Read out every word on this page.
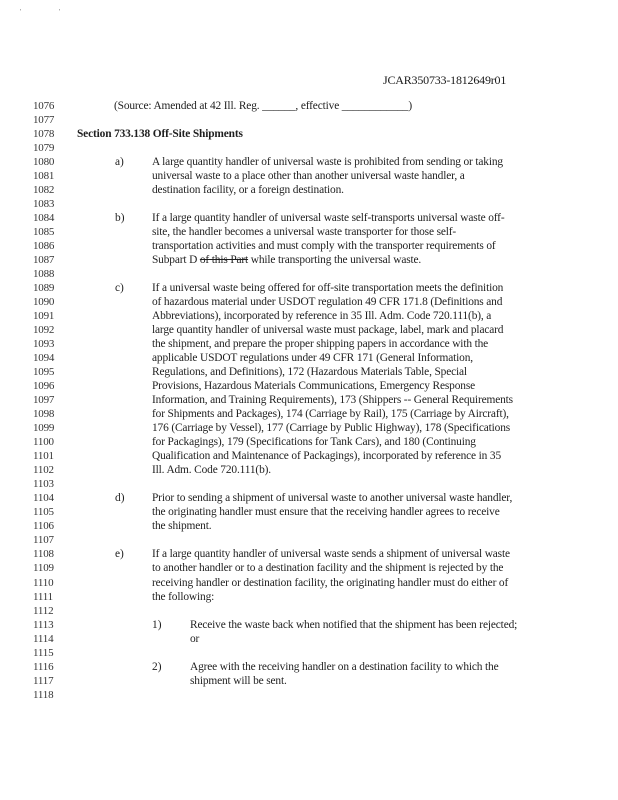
' '
JCAR350733-1812649r01
1076	(Source: Amended at 42 Ill. Reg. ______, effective ____________)
1077
1078	Section 733.138 Off-Site Shipments
1079
1080	a) A large quantity handler of universal waste is prohibited from sending or taking
1081	universal waste to a place other than another universal waste handler, a
1082	destination facility, or a foreign destination.
1083
1084	b) If a large quantity handler of universal waste self-transports universal waste off-
1085	site, the handler becomes a universal waste transporter for those self-
1086	transportation activities and must comply with the transporter requirements of
1087	Subpart D of this Part while transporting the universal waste.
1088
1089	c) If a universal waste being offered for off-site transportation meets the definition
1090	of hazardous material under USDOT regulation 49 CFR 171.8 (Definitions and
1091	Abbreviations), incorporated by reference in 35 Ill. Adm. Code 720.111(b), a
1092	large quantity handler of universal waste must package, label, mark and placard
1093	the shipment, and prepare the proper shipping papers in accordance with the
1094	applicable USDOT regulations under 49 CFR 171 (General Information,
1095	Regulations, and Definitions), 172 (Hazardous Materials Table, Special
1096	Provisions, Hazardous Materials Communications, Emergency Response
1097	Information, and Training Requirements), 173 (Shippers -- General Requirements
1098	for Shipments and Packages), 174 (Carriage by Rail), 175 (Carriage by Aircraft),
1099	176 (Carriage by Vessel), 177 (Carriage by Public Highway), 178 (Specifications
1100	for Packagings), 179 (Specifications for Tank Cars), and 180 (Continuing
1101	Qualification and Maintenance of Packagings), incorporated by reference in 35
1102	Ill. Adm. Code 720.111(b).
1103
1104	d) Prior to sending a shipment of universal waste to another universal waste handler,
1105	the originating handler must ensure that the receiving handler agrees to receive
1106	the shipment.
1107
1108	e) If a large quantity handler of universal waste sends a shipment of universal waste
1109	to another handler or to a destination facility and the shipment is rejected by the
1110	receiving handler or destination facility, the originating handler must do either of
1111	the following:
1112
1113	1)	Receive the waste back when notified that the shipment has been rejected;
1114	or
1115
1116	2)	Agree with the receiving handler on a destination facility to which the
1117	shipment will be sent.
1118
